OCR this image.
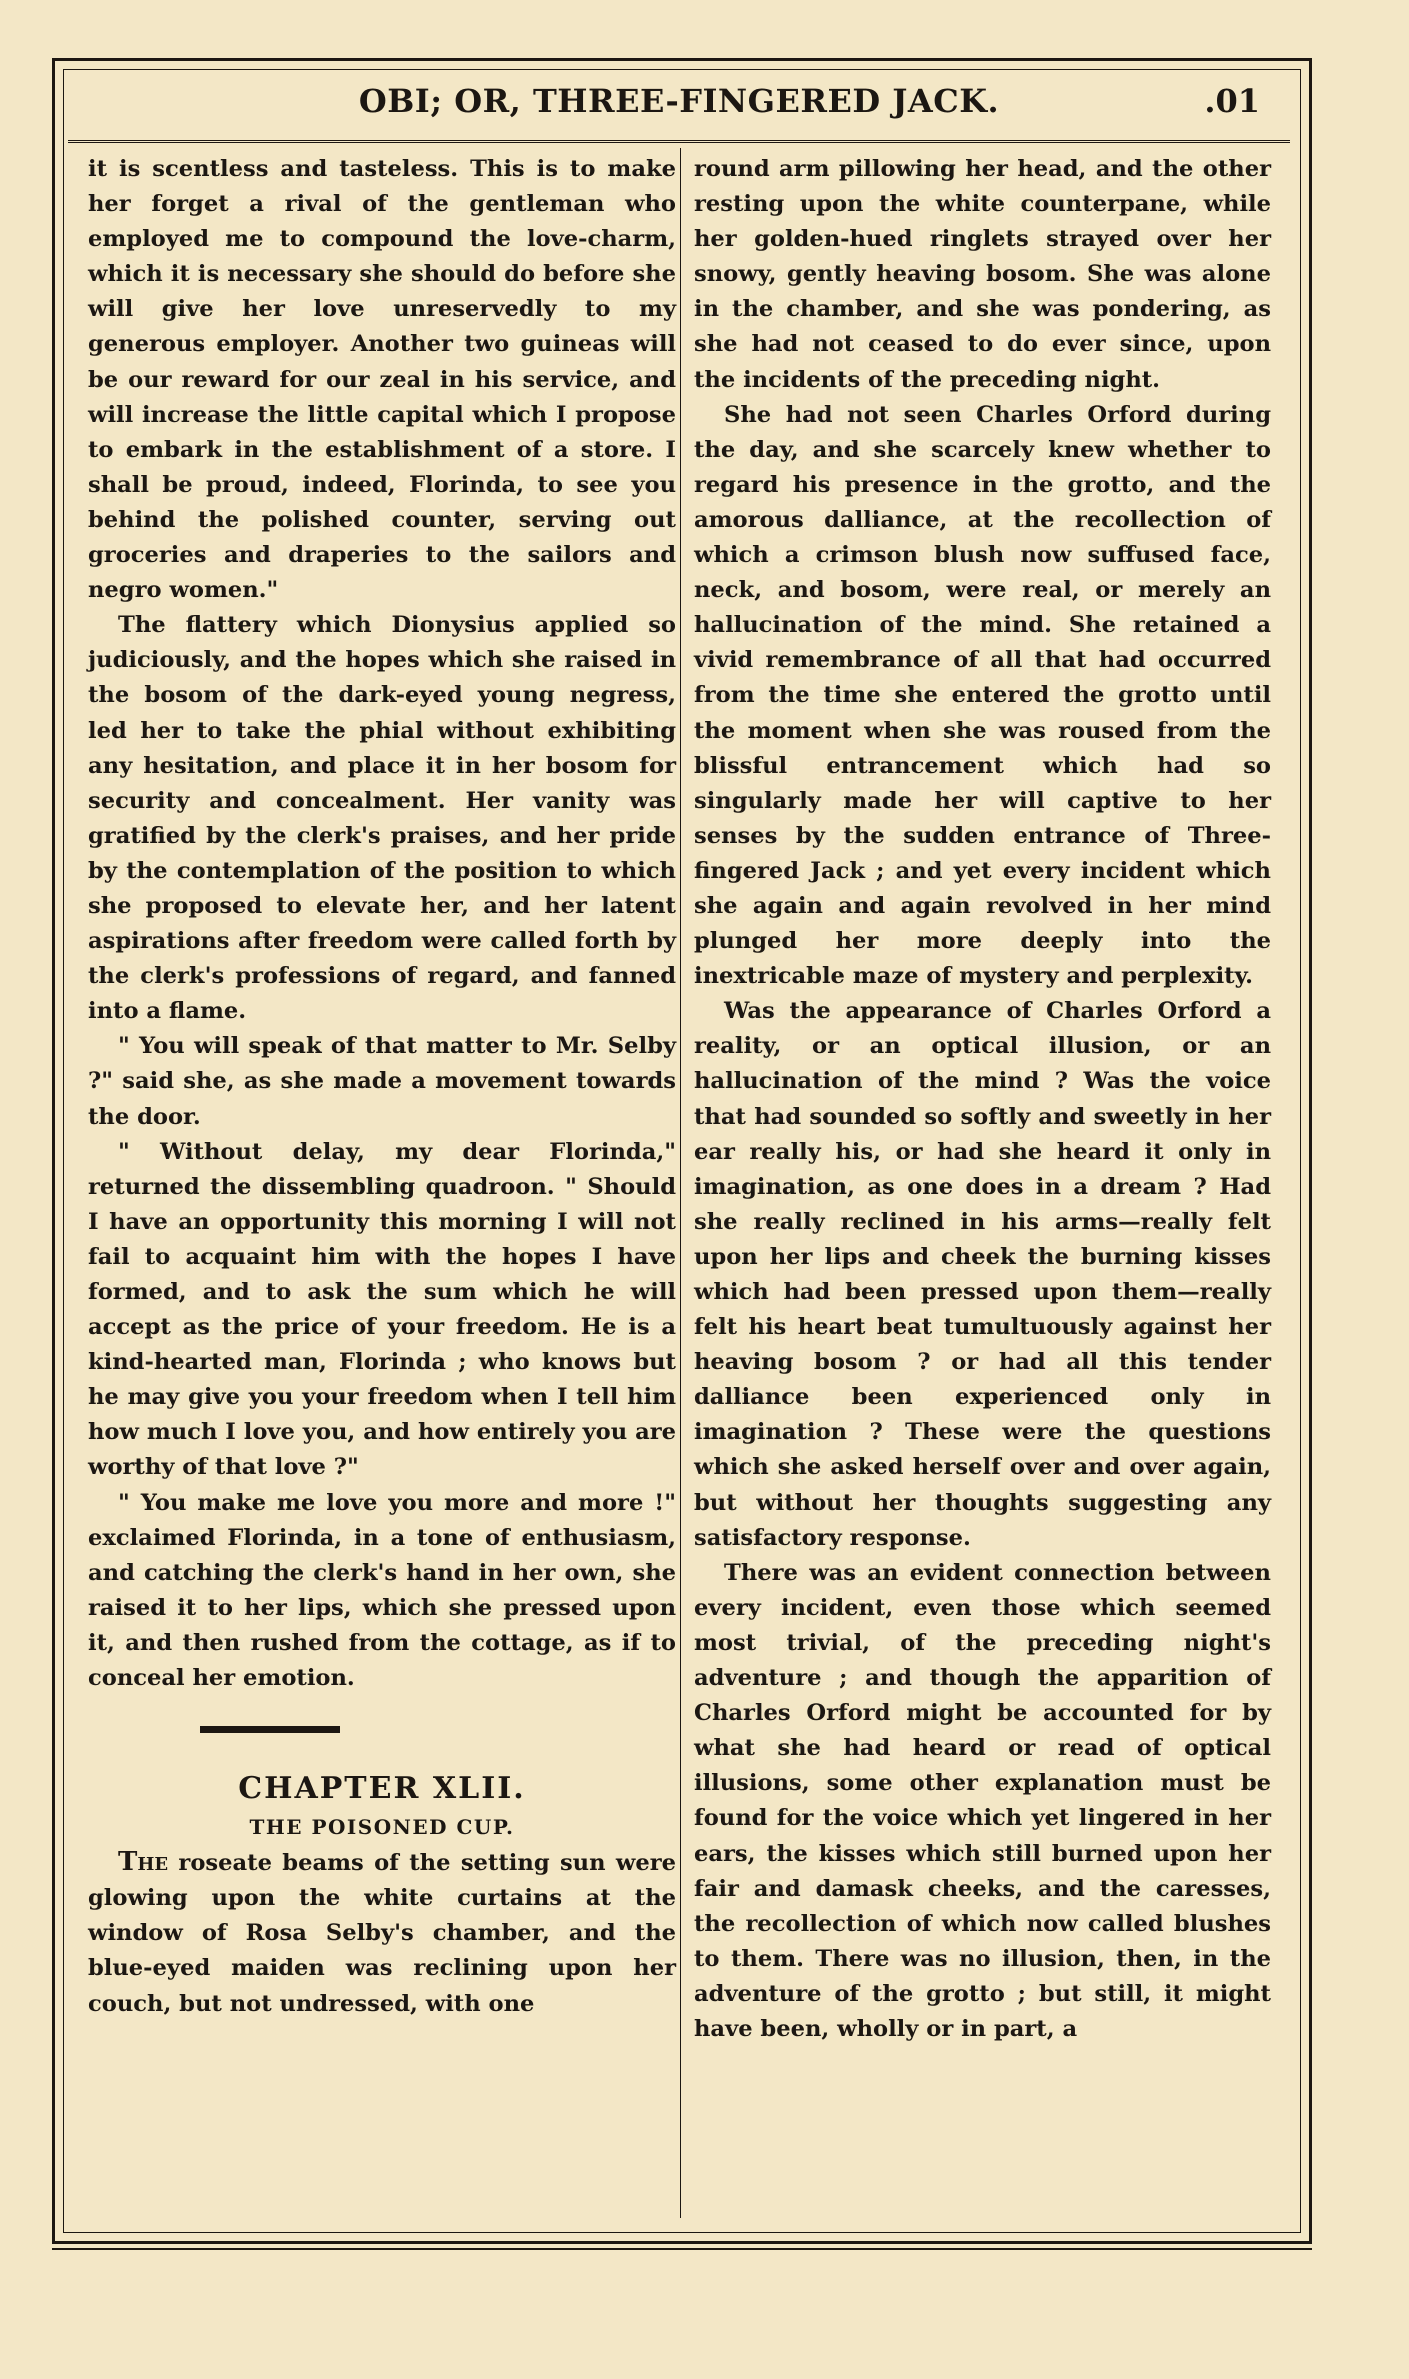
OBI; OR, THREE-FINGERED JACK.	.01

it is scentless and tasteless. This is to make her forget a rival of the gentleman who employed me to compound the love-charm, which it is necessary she should do before she will give her love unreservedly to my generous employer. Another two guineas will be our reward for our zeal in his service, and will increase the little capital which I propose to embark in the establishment of a store. I shall be proud, indeed, Florinda, to see you behind the polished counter, serving out groceries and draperies to the sailors and negro women."

The flattery which Dionysius applied so judiciously, and the hopes which she raised in the bosom of the dark-eyed young negress, led her to take the phial without exhibiting any hesitation, and place it in her bosom for security and concealment. Her vanity was gratified by the clerk's praises, and her pride by the contemplation of the position to which she proposed to elevate her, and her latent aspirations after freedom were called forth by the clerk's professions of regard, and fanned into a flame.

" You will speak of that matter to Mr. Selby ?" said she, as she made a movement towards the door.

" Without delay, my dear Florinda," returned the dissembling quadroon. " Should I have an opportunity this morning I will not fail to acquaint him with the hopes I have formed, and to ask the sum which he will accept as the price of your freedom. He is a kind-hearted man, Florinda ; who knows but he may give you your freedom when I tell him how much I love you, and how entirely you are worthy of that love ?"

" You make me love you more and more !" exclaimed Florinda, in a tone of enthusiasm, and catching the clerk's hand in her own, she raised it to her lips, which she pressed upon it, and then rushed from the cottage, as if to conceal her emotion.

CHAPTER XLII.

THE POISONED CUP.

The roseate beams of the setting sun were glowing upon the white curtains at the window of Rosa Selby's chamber, and the blue-eyed maiden was reclining upon her couch, but not undressed, with one

round arm pillowing her head, and the other resting upon the white counterpane, while her golden-hued ringlets strayed over her snowy, gently heaving bosom. She was alone in the chamber, and she was pondering, as she had not ceased to do ever since, upon the incidents of the preceding night.

She had not seen Charles Orford during the day, and she scarcely knew whether to regard his presence in the grotto, and the amorous dalliance, at the recollection of which a crimson blush now suffused face, neck, and bosom, were real, or merely an hallucination of the mind. She retained a vivid remembrance of all that had occurred from the time she entered the grotto until the moment when she was roused from the blissful entrancement which had so singularly made her will captive to her senses by the sudden entrance of Three-fingered Jack ; and yet every incident which she again and again revolved in her mind plunged her more deeply into the inextricable maze of mystery and perplexity.

Was the appearance of Charles Orford a reality, or an optical illusion, or an hallucination of the mind ? Was the voice that had sounded so softly and sweetly in her ear really his, or had she heard it only in imagination, as one does in a dream ? Had she really reclined in his arms—really felt upon her lips and cheek the burning kisses which had been pressed upon them—really felt his heart beat tumultuously against her heaving bosom ? or had all this tender dalliance been experienced only in imagination ? These were the questions which she asked herself over and over again, but without her thoughts suggesting any satisfactory response.

There was an evident connection between every incident, even those which seemed most trivial, of the preceding night's adventure ; and though the apparition of Charles Orford might be accounted for by what she had heard or read of optical illusions, some other explanation must be found for the voice which yet lingered in her ears, the kisses which still burned upon her fair and damask cheeks, and the caresses, the recollection of which now called blushes to them. There was no illusion, then, in the adventure of the grotto ; but still, it might have been, wholly or in part, a
